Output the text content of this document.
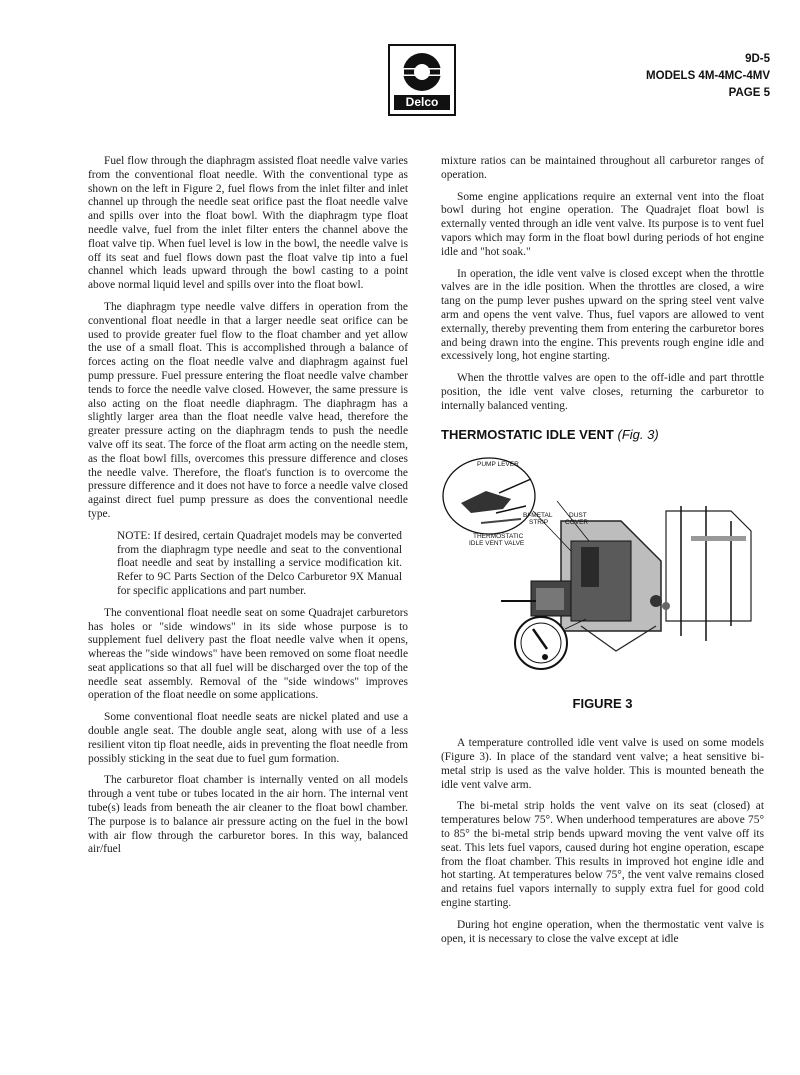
Delco
9D-5
MODELS 4M-4MC-4MV
PAGE 5

Fuel flow through the diaphragm assisted float needle valve varies from the conventional float needle. With the conventional type as shown on the left in Figure 2, fuel flows from the inlet filter and inlet channel up through the needle seat orifice past the float needle valve and spills over into the float bowl. With the diaphragm type float needle valve, fuel from the inlet filter enters the channel above the float valve tip. When fuel level is low in the bowl, the needle valve is off its seat and fuel flows down past the float valve tip into a fuel channel which leads upward through the bowl casting to a point above normal liquid level and spills over into the float bowl.

The diaphragm type needle valve differs in operation from the conventional float needle in that a larger needle seat orifice can be used to provide greater fuel flow to the float chamber and yet allow the use of a small float. This is accomplished through a balance of forces acting on the float needle valve and diaphragm against fuel pump pressure. Fuel pressure entering the float needle valve chamber tends to force the needle valve closed. However, the same pressure is also acting on the float needle diaphragm. The diaphragm has a slightly larger area than the float needle valve head, therefore the greater pressure acting on the diaphragm tends to push the needle valve off its seat. The force of the float arm acting on the needle stem, as the float bowl fills, overcomes this pressure difference and closes the needle valve. Therefore, the float's function is to overcome the pressure difference and it does not have to force a needle valve closed against direct fuel pump pressure as does the conventional needle type.

NOTE: If desired, certain Quadrajet models may be converted from the diaphragm type needle and seat to the conventional float needle and seat by installing a service modification kit. Refer to 9C Parts Section of the Delco Carburetor 9X Manual for specific applications and part number.

The conventional float needle seat on some Quadrajet carburetors has holes or "side windows" in its side whose purpose is to supplement fuel delivery past the float needle valve when it opens, whereas the "side windows" have been removed on some float needle seat applications so that all fuel will be discharged over the top of the needle seat assembly. Removal of the "side windows" improves operation of the float needle on some applications.

Some conventional float needle seats are nickel plated and use a double angle seat. The double angle seat, along with use of a less resilient viton tip float needle, aids in preventing the float needle from possibly sticking in the seat due to fuel gum formation.

The carburetor float chamber is internally vented on all models through a vent tube or tubes located in the air horn. The internal vent tube(s) leads from beneath the air cleaner to the float bowl chamber. The purpose is to balance air pressure acting on the fuel in the bowl with air flow through the carburetor bores. In this way, balanced air/fuel

mixture ratios can be maintained throughout all carburetor ranges of operation.

Some engine applications require an external vent into the float bowl during hot engine operation. The Quadrajet float bowl is externally vented through an idle vent valve. Its purpose is to vent fuel vapors which may form in the float bowl during periods of hot engine idle and "hot soak."

In operation, the idle vent valve is closed except when the throttle valves are in the idle position. When the throttles are closed, a wire tang on the pump lever pushes upward on the spring steel vent valve arm and opens the vent valve. Thus, fuel vapors are allowed to vent externally, thereby preventing them from entering the carburetor bores and being drawn into the engine. This prevents rough engine idle and excessively long, hot engine starting.

When the throttle valves are open to the off-idle and part throttle position, the idle vent valve closes, returning the carburetor to internally balanced venting.

THERMOSTATIC IDLE VENT (Fig. 3)
PUMP LEVER
BI-METAL
STRIP
DUST
COVER
THERMOSTATIC
IDLE VENT VALVE
FIGURE 3

A temperature controlled idle vent valve is used on some models (Figure 3). In place of the standard vent valve; a heat sensitive bi-metal strip is used as the valve holder. This is mounted beneath the idle vent valve arm.

The bi-metal strip holds the vent valve on its seat (closed) at temperatures below 75°. When underhood temperatures are above 75° to 85° the bi-metal strip bends upward moving the vent valve off its seat. This lets fuel vapors, caused during hot engine operation, escape from the float chamber. This results in improved hot engine idle and hot starting. At temperatures below 75°, the vent valve remains closed and retains fuel vapors internally to supply extra fuel for good cold engine starting.

During hot engine operation, when the thermostatic vent valve is open, it is necessary to close the valve except at idle
